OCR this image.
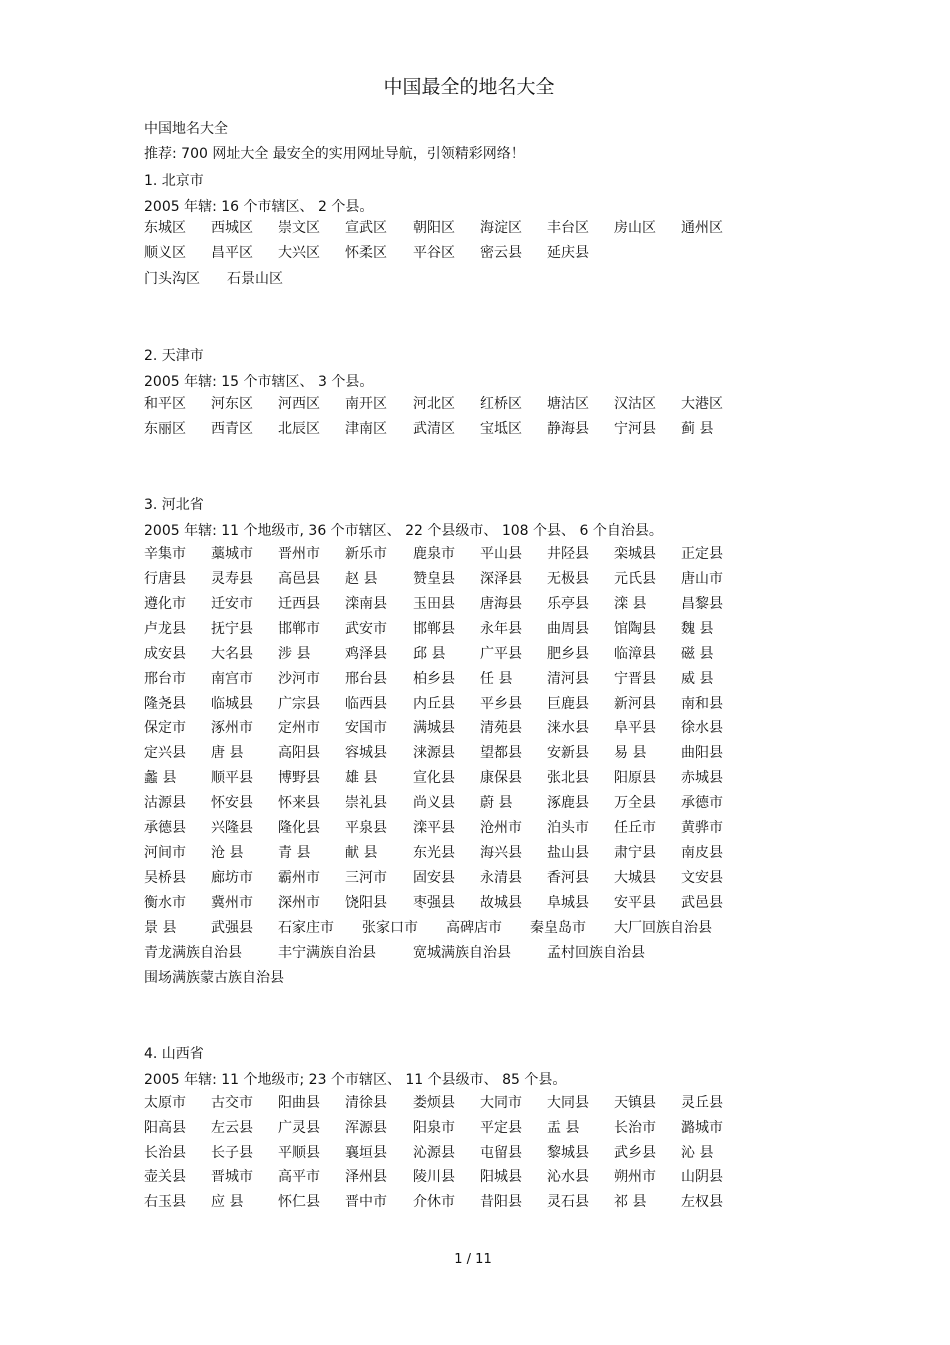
中国最全的地名大全
中国地名大全
推荐: 700 网址大全 最安全的实用网址导航，引领精彩网络！
1. 北京市
2005 年辖: 16 个市辖区、 2 个县。
东城区 西城区 崇文区 宣武区 朝阳区 海淀区 丰台区 房山区 通州区
顺义区 昌平区 大兴区 怀柔区 平谷区 密云县 延庆县
门头沟区 石景山区
2. 天津市
2005 年辖: 15 个市辖区、 3 个县。
和平区 河东区 河西区 南开区 河北区 红桥区 塘沽区 汉沽区 大港区
东丽区 西青区 北辰区 津南区 武清区 宝坻区 静海县 宁河县 蓟 县
3. 河北省
2005 年辖: 11 个地级市, 36 个市辖区、 22 个县级市、 108 个县、 6 个自治县。
辛集市 藁城市 晋州市 新乐市 鹿泉市 平山县 井陉县 栾城县 正定县
行唐县 灵寿县 高邑县 赵 县	赞皇县 深泽县 无极县 元氏县 唐山市
遵化市 迁安市 迁西县 滦南县 玉田县 唐海县 乐亭县 滦 县 昌黎县
卢龙县 抚宁县 邯郸市 武安市 邯郸县 永年县 曲周县 馆陶县 魏 县
成安县 大名县 涉 县 鸡泽县 邱 县 广平县 肥乡县 临漳县 磁 县
邢台市 南宫市 沙河市 邢台县 柏乡县 任 县 清河县 宁晋县 威 县
隆尧县 临城县 广宗县 临西县 内丘县 平乡县 巨鹿县 新河县 南和县
保定市 涿州市 定州市 安国市 满城县 清苑县 涞水县 阜平县 徐水县
定兴县 唐 县 高阳县 容城县 涞源县 望都县 安新县 易 县 曲阳县
蠡 县 顺平县 博野县 雄 县	宣化县 康保县 张北县 阳原县 赤城县
沽源县 怀安县 怀来县 崇礼县 尚义县 蔚 县 涿鹿县 万全县 承德市
承德县 兴隆县 隆化县 平泉县 滦平县 沧州市 泊头市 任丘市 黄骅市
河间市 沧 县 青 县 献 县	东光县 海兴县 盐山县 肃宁县 南皮县
吴桥县 廊坊市 霸州市 三河市 固安县 永清县 香河县 大城县 文安县
衡水市 冀州市 深州市 饶阳县 枣强县 故城县 阜城县 安平县 武邑县
景 县 武强县 石家庄市 张家口市 高碑店市 秦皇岛市 大厂回族自治县
青龙满族自治县	丰宁满族自治县	宽城满族自治县	孟村回族自治县
围场满族蒙古族自治县
4. 山西省
2005 年辖: 11 个地级市; 23 个市辖区、 11 个县级市、 85 个县。
太原市 古交市 阳曲县 清徐县 娄烦县 大同市 大同县 天镇县 灵丘县
阳高县 左云县 广灵县 浑源县 阳泉市 平定县 盂 县 长治市 潞城市
长治县 长子县 平顺县 襄垣县 沁源县 屯留县 黎城县 武乡县 沁 县
壶关县 晋城市 高平市 泽州县 陵川县 阳城县 沁水县 朔州市 山阴县
右玉县 应 县 怀仁县 晋中市 介休市 昔阳县 灵石县 祁 县 左权县
1 / 11
